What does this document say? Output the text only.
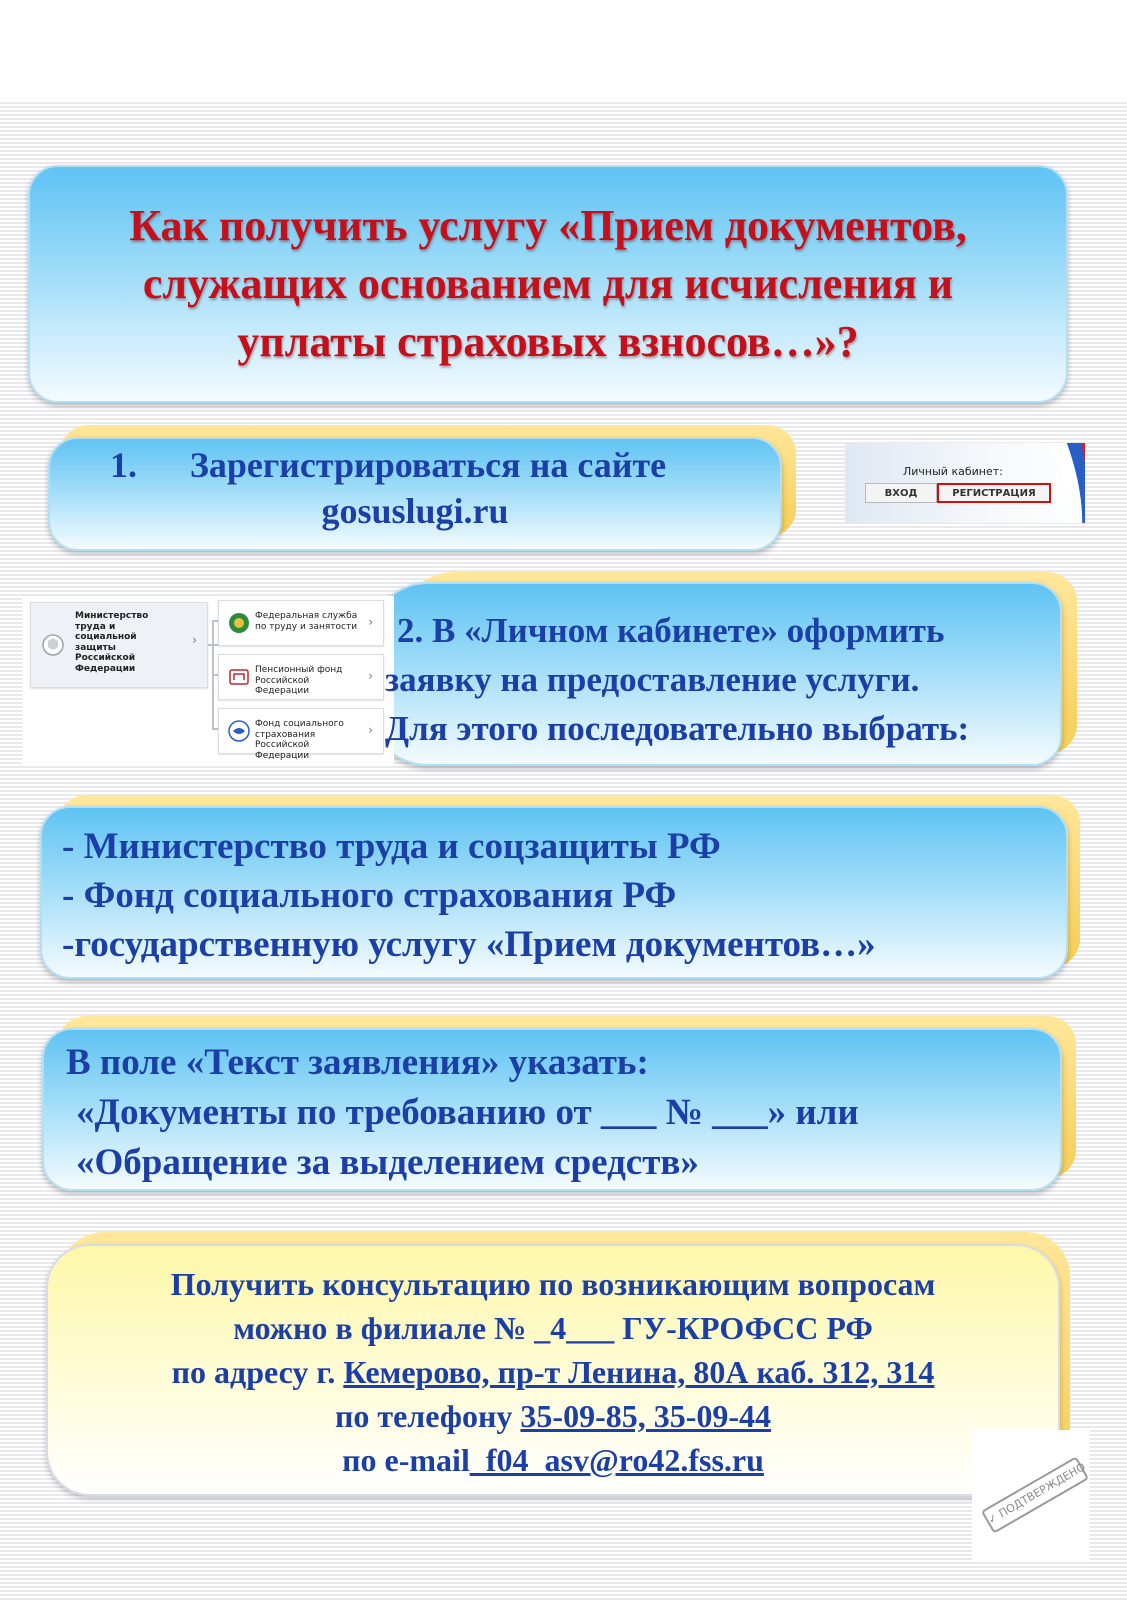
Как получить услугу «Прием документов,
служащих основанием для исчисления и
уплаты страховых взносов…»?
1. Зарегистрироваться на сайте
gosuslugi.ru
Личный кабинет:
ВХОД	РЕГИСТРАЦИЯ
Министерство труда и социальной защиты Российской Федерации
›
Федеральная служба по труду и занятости ›
Пенсионный фонд Российской Федерации
›
Фонд социального страхования Российской Федерации
›
2. В «Личном кабинете» оформить
заявку на предоставление услуги.
Для этого последовательно выбрать:
- Министерство труда и соцзащиты РФ
- Фонд социального страхования РФ
-государственную услугу «Прием документов…»
В поле «Текст заявления» указать:
«Документы по требованию от ___ № ___» или
«Обращение за выделением средств»
Получить консультацию по возникающим вопросам
можно в филиале № _4___ ГУ-КРОФСС РФ
по адресу г. Кемерово, пр-т Ленина, 80А каб. 312, 314
по телефону 35-09-85, 35-09-44
по e-mail_f04_asv@ro42.fss.ru
✓ ПОДТВЕРЖДЕНО
